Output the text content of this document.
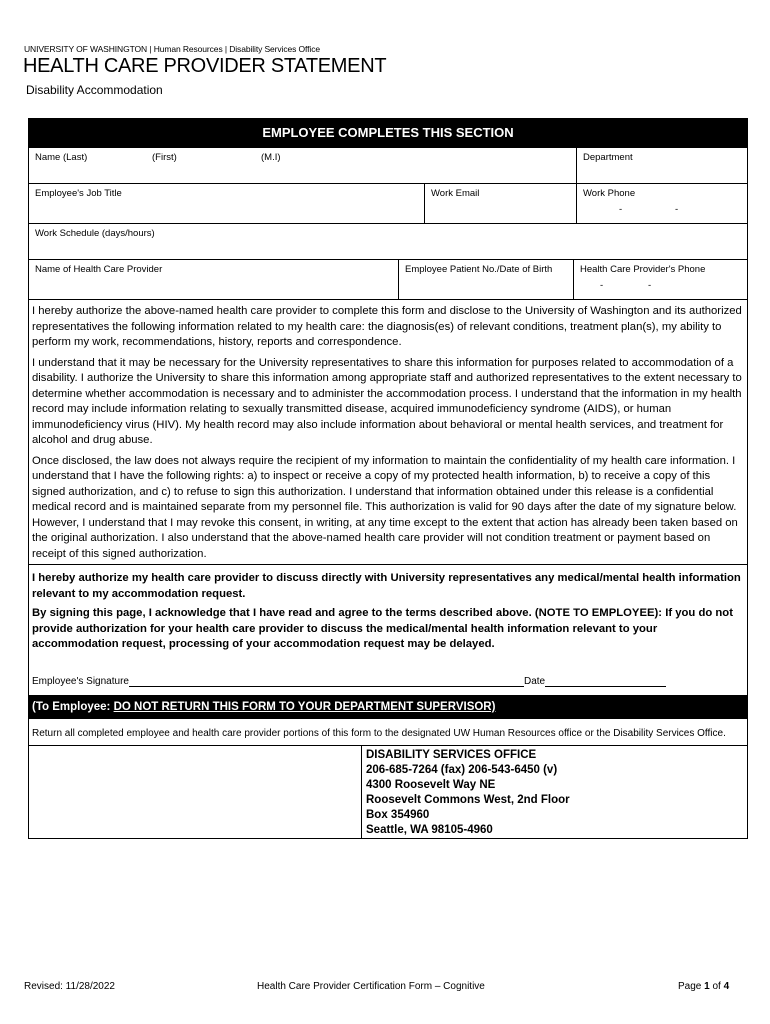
UNIVERSITY OF WASHINGTON | Human Resources | Disability Services Office
HEALTH CARE PROVIDER STATEMENT
Disability Accommodation
EMPLOYEE COMPLETES THIS SECTION
Name (Last)	(First)	(M.I)	Department
Employee's Job Title	Work Email	Work Phone
-	-
Work Schedule (days/hours)
Name of Health Care Provider	Employee Patient No./Date of Birth	Health Care Provider's Phone
-	-

I hereby authorize the above-named health care provider to complete this form and disclose to the University of Washington and its authorized representatives the following information related to my health care: the diagnosis(es) of relevant conditions, treatment plan(s), my ability to perform my work, recommendations, history, reports and correspondence.

I understand that it may be necessary for the University representatives to share this information for purposes related to accommodation of a disability. I authorize the University to share this information among appropriate staff and authorized representatives to the extent necessary to determine whether accommodation is necessary and to administer the accommodation process. I understand that the information in my health record may include information relating to sexually transmitted disease, acquired immunodeficiency syndrome (AIDS), or human immunodeficiency virus (HIV). My health record may also include information about behavioral or mental health services, and treatment for alcohol and drug abuse.

Once disclosed, the law does not always require the recipient of my information to maintain the confidentiality of my health care information. I understand that I have the following rights: a) to inspect or receive a copy of my protected health information, b) to receive a copy of this signed authorization, and c) to refuse to sign this authorization. I understand that information obtained under this release is a confidential medical record and is maintained separate from my personnel file. This authorization is valid for 90 days after the date of my signature below. However, I understand that I may revoke this consent, in writing, at any time except to the extent that action has already been taken based on the original authorization. I also understand that the above-named health care provider will not condition treatment or payment based on receipt of this signed authorization.

I hereby authorize my health care provider to discuss directly with University representatives any medical/mental health information relevant to my accommodation request.

By signing this page, I acknowledge that I have read and agree to the terms described above. (NOTE TO EMPLOYEE): If you do not provide authorization for your health care provider to discuss the medical/mental health information relevant to your accommodation request, processing of your accommodation request may be delayed.

Employee's Signature	Date
(To Employee: DO NOT RETURN THIS FORM TO YOUR DEPARTMENT SUPERVISOR)
Return all completed employee and health care provider portions of this form to the designated UW Human Resources office or the Disability Services Office.
DISABILITY SERVICES OFFICE
206-685-7264 (fax) 206-543-6450 (v)
4300 Roosevelt Way NE
Roosevelt Commons West, 2nd Floor
Box 354960
Seattle, WA 98105-4960
Revised: 11/28/2022	Health Care Provider Certification Form – Cognitive	Page 1 of 4
